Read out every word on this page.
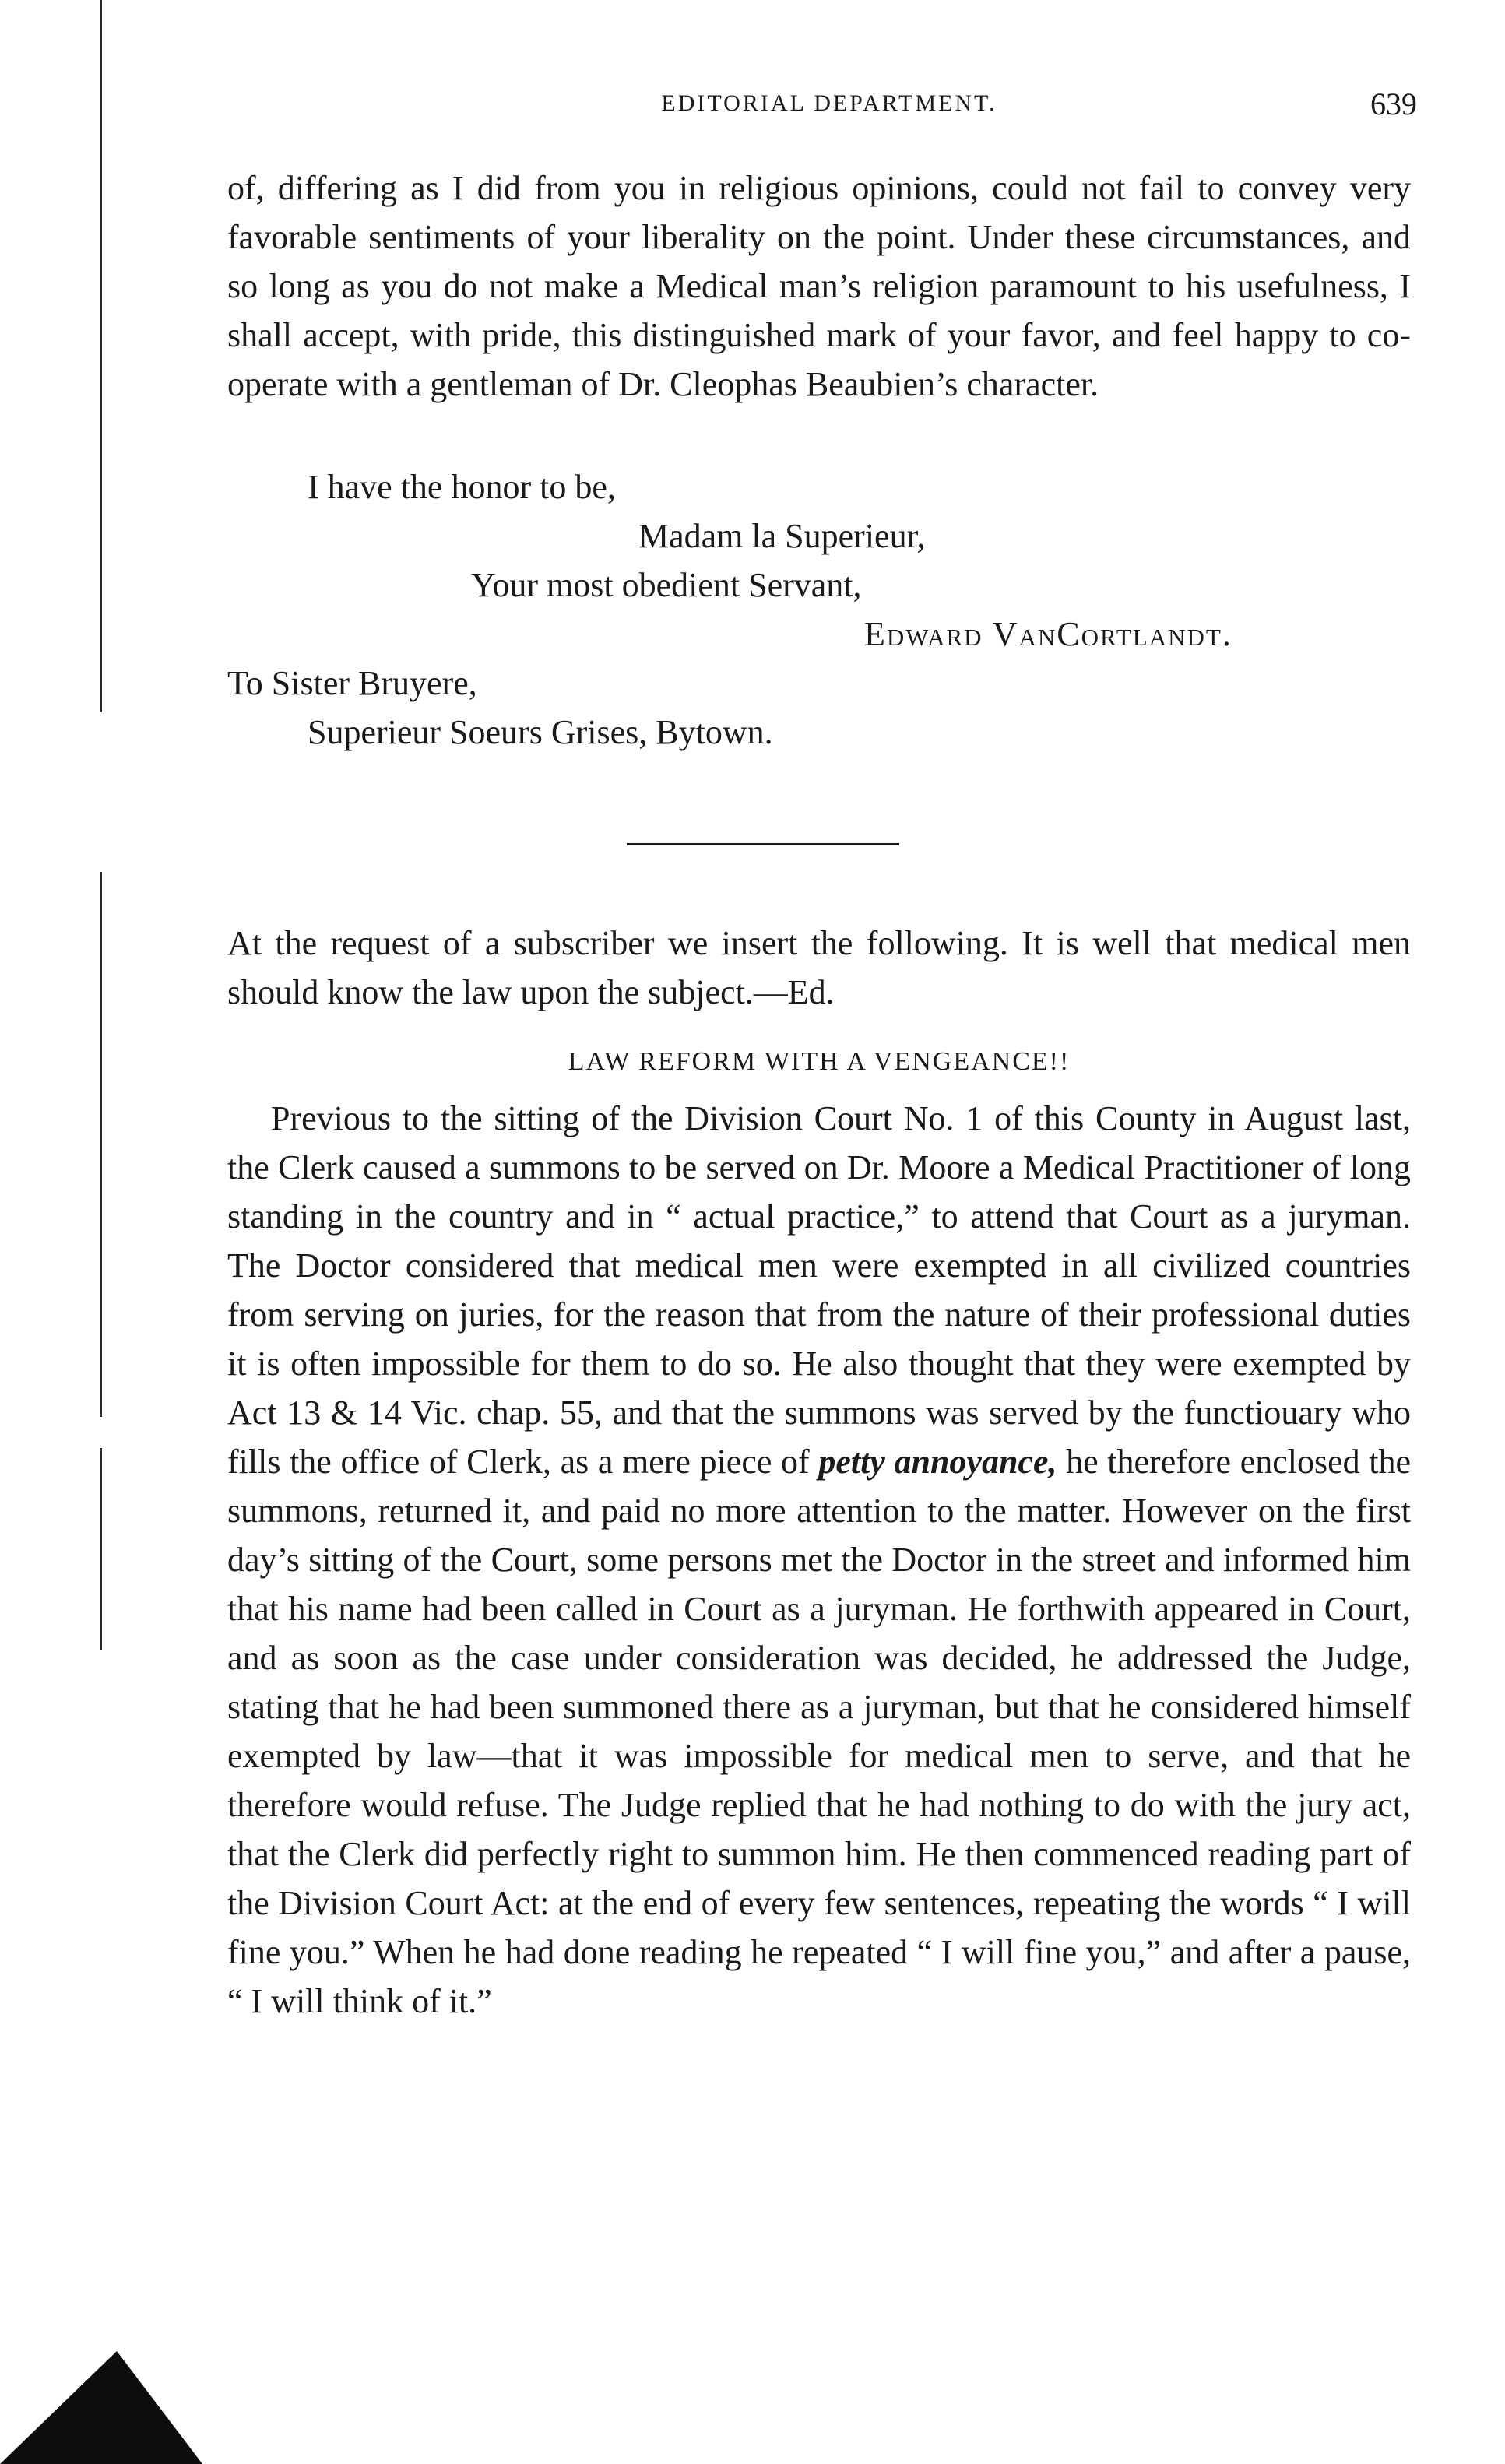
EDITORIAL DEPARTMENT.	639

of, differing as I did from you in religious opinions, could not fail to convey very favorable sentiments of your liberality on the point. Under these circumstances, and so long as you do not make a Medical man’s religion paramount to his usefulness, I shall accept, with pride, this distinguished mark of your favor, and feel happy to co-operate with a gentleman of Dr. Cleophas Beaubien’s character.

I have the honor to be,
Madam la Superieur,
Your most obedient Servant,
Edward VanCortlandt.
To Sister Bruyere,
Superieur Soeurs Grises, Bytown.

At the request of a subscriber we insert the following. It is well that medical men should know the law upon the subject.—Ed.

LAW REFORM WITH A VENGEANCE!!

Previous to the sitting of the Division Court No. 1 of this County in August last, the Clerk caused a summons to be served on Dr. Moore a Medical Practitioner of long standing in the country and in “ actual practice,” to attend that Court as a juryman. The Doctor considered that medical men were exempted in all civilized countries from serving on juries, for the reason that from the nature of their professional duties it is often impossible for them to do so. He also thought that they were exempted by Act 13 & 14 Vic. chap. 55, and that the summons was served by the functiouary who fills the office of Clerk, as a mere piece of petty annoyance, he therefore enclosed the summons, returned it, and paid no more attention to the matter. However on the first day’s sitting of the Court, some persons met the Doctor in the street and informed him that his name had been called in Court as a juryman. He forthwith appeared in Court, and as soon as the case under consideration was decided, he addressed the Judge, stating that he had been summoned there as a juryman, but that he considered himself exempted by law—that it was impossible for medical men to serve, and that he therefore would refuse. The Judge replied that he had nothing to do with the jury act, that the Clerk did perfectly right to summon him. He then commenced reading part of the Division Court Act: at the end of every few sentences, repeating the words “ I will fine you.” When he had done reading he repeated “ I will fine you,” and after a pause, “ I will think of it.”
